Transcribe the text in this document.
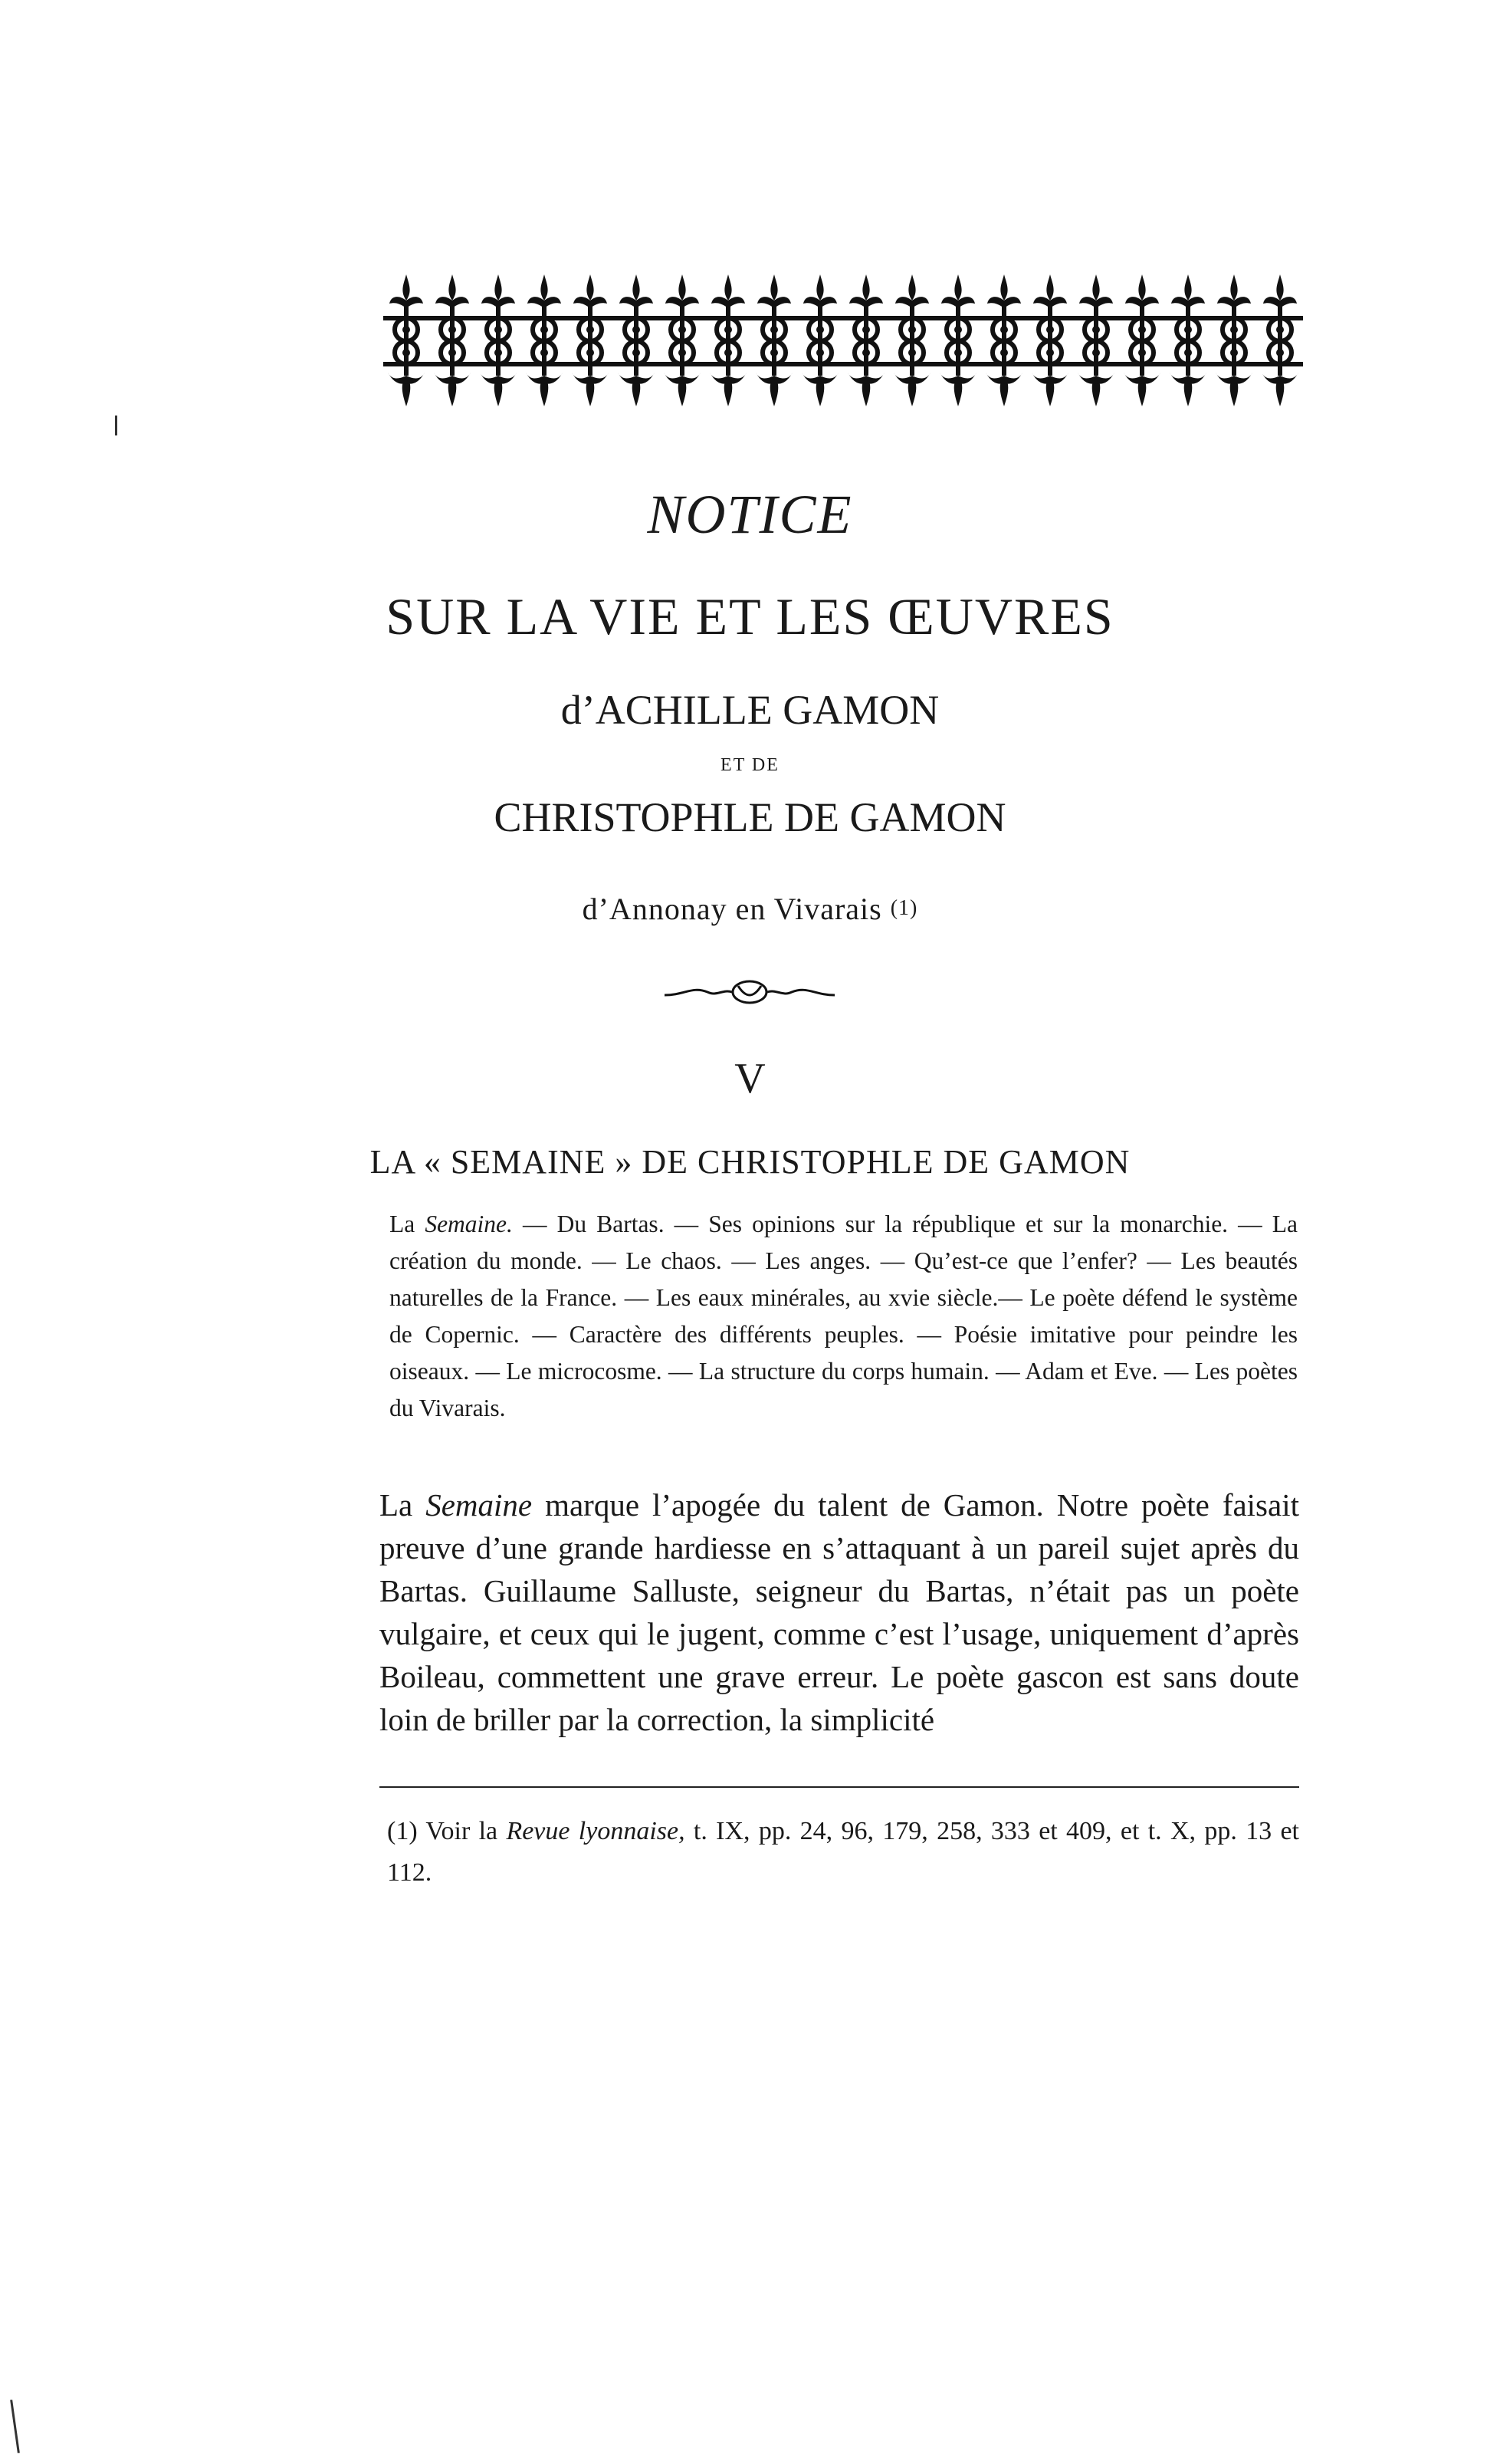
NOTICE
SUR LA VIE ET LES ŒUVRES
d’ACHILLE GAMON
ET DE
CHRISTOPHLE DE GAMON
d’Annonay en Vivarais $^{(1)}$
V
LA « SEMAINE » DE CHRISTOPHLE DE GAMON
La Semaine. — Du Bartas. — Ses opinions sur la république et sur la monarchie. — La création du monde. — Le chaos. — Les anges. — Qu’est-ce que l’enfer? — Les beautés naturelles de la France. — Les eaux minérales, au xvie siècle.— Le poète défend le système de Copernic. — Caractère des différents peuples. — Poésie imitative pour peindre les oiseaux. — Le microcosme. — La structure du corps humain. — Adam et Eve. — Les poètes du Vivarais.
La Semaine marque l’apogée du talent de Gamon. Notre poète faisait preuve d’une grande hardiesse en s’attaquant à un pareil sujet après du Bartas. Guillaume Salluste, seigneur du Bartas, n’était pas un poète vulgaire, et ceux qui le jugent, comme c’est l’usage, uniquement d’après Boileau, commettent une grave erreur. Le poète gascon est sans doute loin de briller par la correction, la simplicité
(1) Voir la Revue lyonnaise, t. IX, pp. 24, 96, 179, 258, 333 et 409, et t. X, pp. 13 et 112.
